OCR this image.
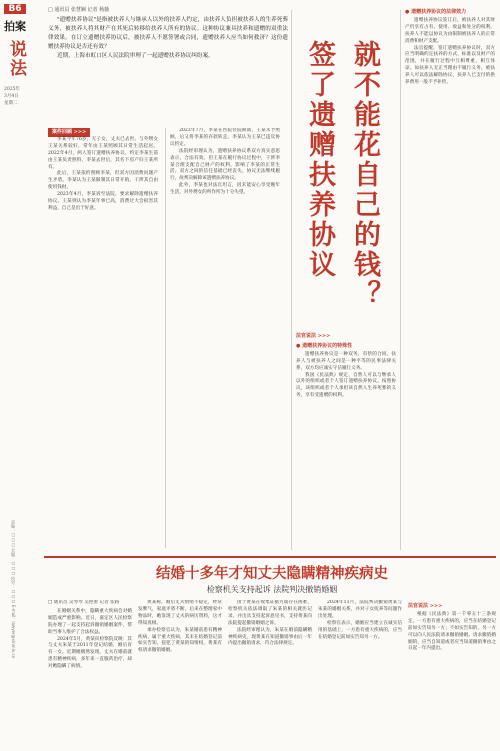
B6
拍案
说法
2025年
3月4日
星期二
责编：□□□ 美编：□□□ 校对：□□□ E-mail：lawyer@xinmin.cn
□ 通讯员 张慧娴 记者 杨薇

"遗赠扶养协议"是指被扶养人与继承人以外的扶养人约定，由扶养人负担被扶养人的生养死葬义务，被扶养人将其财产在其死后转移给扶养人所有的协议。这种协议兼具扶养和遗赠的双重法律效果。在订立遗赠扶养协议后，被扶养人不愿签署或合同，遗赠扶养人应当如何救济？这份遗赠扶养协议是否还有效？

近期，上海市虹口区人民法院审理了一起遗赠扶养协议纠纷案。	就不能花自己的钱？
签了遗赠扶养协议
案件回顾 >>>

李某今年76岁，无子女，丈夫已去世。与外甥女王某关系较好，常年由王某照顾其日常生活起居。2022年4月，两人签订遗赠扶养协议，约定李某生前由王某负责照料，李某去世后，其名下房产归王某所有。

此后，王某依约照顾李某，但双方因消费问题产生矛盾。李某认为王某限制其日常开销，干涉其自由使用钱财。

2023年4月，李某诉至法院，要求解除遗赠扶养协议。王某则认为李某年事已高，消费过大会损害其利益，自己是出于好意。

2023年7月，李某在医院住院期间，王某未予照顾，后又将李某的存款转走。李某认为王某已违反协议约定。

法院经审理认为，遗赠扶养协议系双方真实意思表示，合法有效。但王某在履行协议过程中，干涉李某合理支配自己财产的权利，影响了李某的正常生活。双方之间的信任基础已经丧失，协议无法继续履行，故判决解除该遗赠扶养协议。

此外，李某也对法官坦言，因未能安心享受晚年生活，对外甥女的所作所为十分失望。

法官说法 >>>
● 遗赠扶养协议的特殊性

遗赠扶养协议是一种双务、有偿的合同。扶养人与被扶养人之间是一种平等的民事法律关系，双方均应诚实守信履行义务。

我国《民法典》规定，自然人可以与继承人以外的组织或者个人签订遗赠扶养协议。按照协议，该组织或者个人承担该自然人生养死葬的义务，享有受遗赠的权利。

● 遗赠扶养协议的法律效力

遗赠扶养协议签订后，被扶养人对其财产仍享有占有、使用、收益和处分的权利。扶养人不能以协议为由限制被扶养人的正常消费和财产支配。

法官提醒，签订遗赠扶养协议时，双方应当明确约定扶养的方式、标准以及财产的范围，并在履行过程中互相尊重，相互体谅。如扶养人无正当理由不履行义务，被扶养人可以依法解除协议，扶养人已支付的供养费用一般不予补偿。

结婚十多年才知丈夫隐瞒精神疾病史
检察机关支持起诉 法院判决撤销婚姻
□ 通讯员 吴琴琴 吴艳蕾 记者 张路

在婚姻关系中，隐瞒重大疾病会对婚姻造成严重影响。近日，嘉定区人民检察院办理了一起支持起诉撤销婚姻案件，帮助当事人维护了合法权益。

2024年5月，黄某向检察院反映：其与丈夫朱某于2011年登记结婚，婚后育有一女。近期她偶然发现，丈夫在婚前就患有精神疾病，多年来一直服药治疗，却对她隐瞒了病情。

黄某称，婚后丈夫情绪不稳定，经常发脾气，家庭矛盾不断。后来在整理家中物品时，她发现了丈夫的病历资料，这才得知真相。

承办检察官认为，朱某婚前患有精神疾病，属于重大疾病，其未在结婚登记前如实告知，侵犯了黄某的知情权，黄某有权请求撤销婚姻。

由于黄某在收集证据方面存在困难，检察机关依法调取了朱某的相关就医记录，并出具支持起诉意见书，支持黄某向法院提起撤销婚姻之诉。

法院经审理认为，朱某在婚前隐瞒精神疾病史，现黄某在知道撤销事由后一年内提出撤销请求，符合法律规定。

2024年11月，法院判决撤销黄某与朱某的婚姻关系，并对子女抚养等问题作出处理。

检察官表示，婚姻应当建立在诚实信用的基础上，一方患有重大疾病的，应当在结婚登记前如实告知另一方。

法官说法 >>>

根据《民法典》第一千零五十三条规定，一方患有重大疾病的，应当在结婚登记前如实告知另一方；不如实告知的，另一方可以向人民法院请求撤销婚姻。请求撤销婚姻的，应当自知道或者应当知道撤销事由之日起一年内提出。
